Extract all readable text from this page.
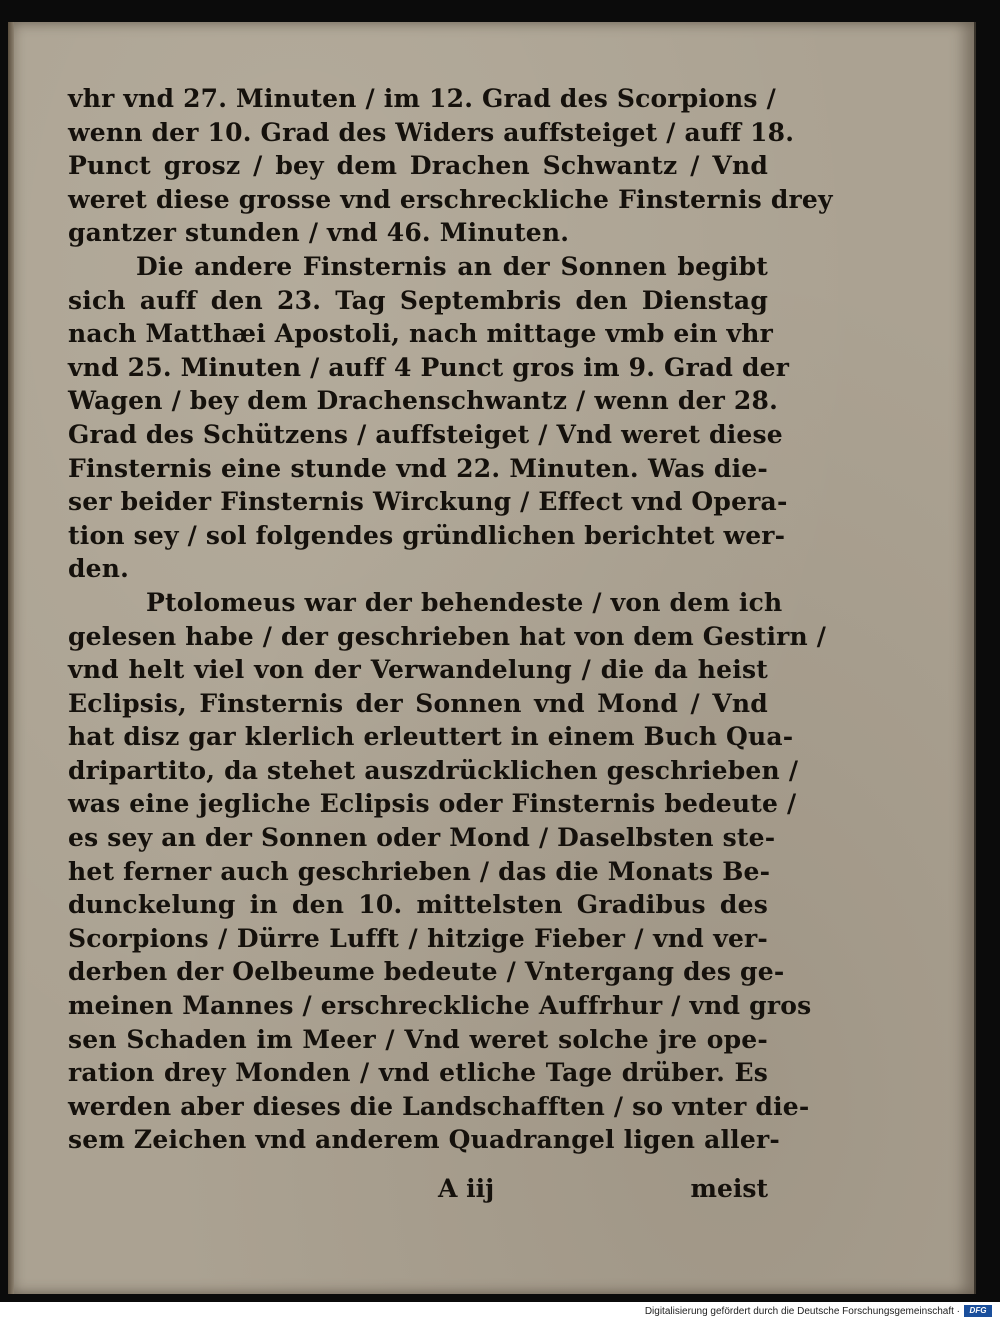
vhr vnd 27. Minuten / im 12. Grad des Scorpions /
wenn der 10. Grad des Widers auffsteiget / auff 18.
Punct grosz / bey dem Drachen Schwantz / Vnd
weret diese grosse vnd erschreckliche Finsternis drey
gantzer stunden / vnd 46. Minuten.
Die andere Finsternis an der Sonnen begibt
sich auff den 23. Tag Septembris den Dienstag
nach Matthæi Apostoli, nach mittage vmb ein vhr
vnd 25. Minuten / auff 4 Punct gros im 9. Grad der
Wagen / bey dem Drachenschwantz / wenn der 28.
Grad des Schützens / auffsteiget / Vnd weret diese
Finsternis eine stunde vnd 22. Minuten. Was die-
ser beider Finsternis Wirckung / Effect vnd Opera-
tion sey / sol folgendes gründlichen berichtet wer-
den.
Ptolomeus war der behendeste / von dem ich
gelesen habe / der geschrieben hat von dem Gestirn /
vnd helt viel von der Verwandelung / die da heist
Eclipsis, Finsternis der Sonnen vnd Mond / Vnd
hat disz gar klerlich erleuttert in einem Buch Qua-
dripartito, da stehet auszdrücklichen geschrieben /
was eine jegliche Eclipsis oder Finsternis bedeute /
es sey an der Sonnen oder Mond / Daselbsten ste-
het ferner auch geschrieben / das die Monats Be-
dunckelung in den 10. mittelsten Gradibus des
Scorpions / Dürre Lufft / hitzige Fieber / vnd ver-
derben der Oelbeume bedeute / Vntergang des ge-
meinen Mannes / erschreckliche Auffrhur / vnd gros
sen Schaden im Meer / Vnd weret solche jre ope-
ration drey Monden / vnd etliche Tage drüber. Es
werden aber dieses die Landschafften / so vnter die-
sem Zeichen vnd anderem Quadrangel ligen aller-
A iij	meist
Digitalisierung gefördert durch die Deutsche Forschungsgemeinschaft ·	DFG
